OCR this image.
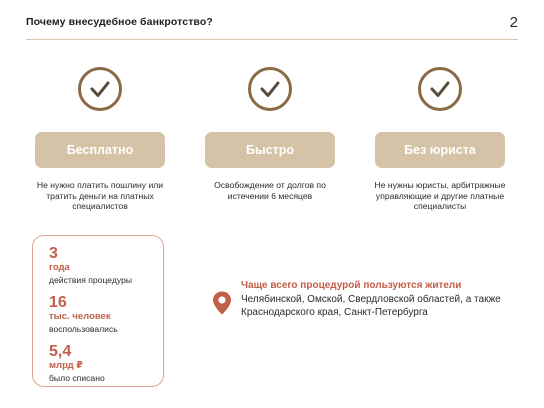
Почему внесудебное банкротство?	2
Бесплатно
Не нужно платить пошлину или тратить деньги на платных специалистов
Быстро
Освобождение от долгов по истечении 6 месяцев
Без юриста
Не нужны юристы, арбитражные управляющие и другие платные специалисты
3
года
действия процедуры
16
тыс. человек
воспользовались
5,4
млрд ₽
было списано
Чаще всего процедурой пользуются жители
Челябинской, Омской, Свердловской областей, а также Краснодарского края, Санкт-Петербурга
